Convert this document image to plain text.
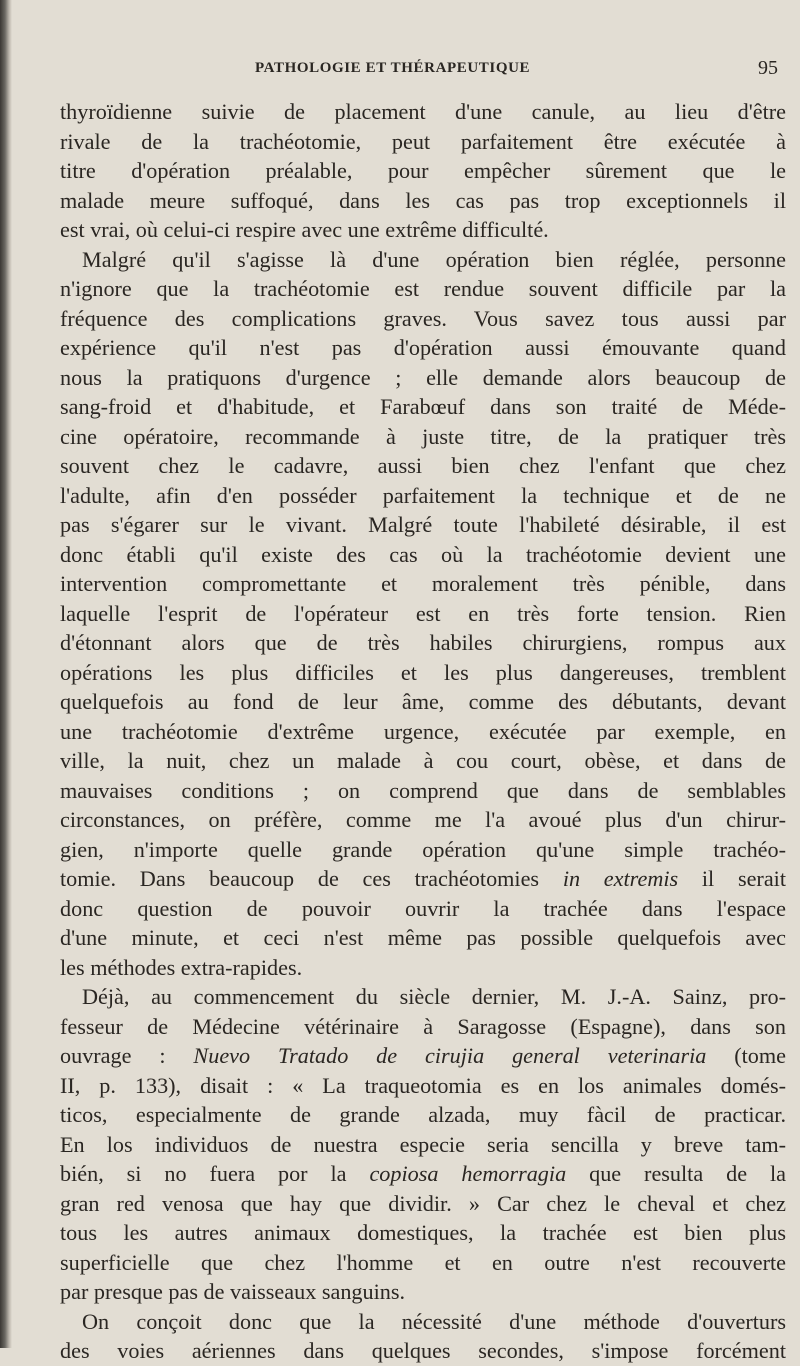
PATHOLOGIE ET THÉRAPEUTIQUE	95
thyroïdienne suivie de placement d'une canule, au lieu d'être
rivale de la trachéotomie, peut parfaitement être exécutée à
titre d'opération préalable, pour empêcher sûrement que le
malade meure suffoqué, dans les cas pas trop exceptionnels il
est vrai, où celui-ci respire avec une extrême difficulté.
Malgré qu'il s'agisse là d'une opération bien réglée, personne
n'ignore que la trachéotomie est rendue souvent difficile par la
fréquence des complications graves. Vous savez tous aussi par
expérience qu'il n'est pas d'opération aussi émouvante quand
nous la pratiquons d'urgence ; elle demande alors beaucoup de
sang-froid et d'habitude, et Farabœuf dans son traité de Méde-
cine opératoire, recommande à juste titre, de la pratiquer très
souvent chez le cadavre, aussi bien chez l'enfant que chez
l'adulte, afin d'en posséder parfaitement la technique et de ne
pas s'égarer sur le vivant. Malgré toute l'habileté désirable, il est
donc établi qu'il existe des cas où la trachéotomie devient une
intervention compromettante et moralement très pénible, dans
laquelle l'esprit de l'opérateur est en très forte tension. Rien
d'étonnant alors que de très habiles chirurgiens, rompus aux
opérations les plus difficiles et les plus dangereuses, tremblent
quelquefois au fond de leur âme, comme des débutants, devant
une trachéotomie d'extrême urgence, exécutée par exemple, en
ville, la nuit, chez un malade à cou court, obèse, et dans de
mauvaises conditions ; on comprend que dans de semblables
circonstances, on préfère, comme me l'a avoué plus d'un chirur-
gien, n'importe quelle grande opération qu'une simple trachéo-
tomie. Dans beaucoup de ces trachéotomies in extremis il serait
donc question de pouvoir ouvrir la trachée dans l'espace
d'une minute, et ceci n'est même pas possible quelquefois avec
les méthodes extra-rapides.
Déjà, au commencement du siècle dernier, M. J.-A. Sainz, pro-
fesseur de Médecine vétérinaire à Saragosse (Espagne), dans son
ouvrage : Nuevo Tratado de cirujia general veterinaria (tome
II, p. 133), disait : « La traqueotomia es en los animales domés-
ticos, especialmente de grande alzada, muy fàcil de practicar.
En los individuos de nuestra especie seria sencilla y breve tam-
bién, si no fuera por la copiosa hemorragia que resulta de la
gran red venosa que hay que dividir. » Car chez le cheval et chez
tous les autres animaux domestiques, la trachée est bien plus
superficielle que chez l'homme et en outre n'est recouverte
par presque pas de vaisseaux sanguins.
On conçoit donc que la nécessité d'une méthode d'ouverturs
des voies aériennes dans quelques secondes, s'impose forcément
